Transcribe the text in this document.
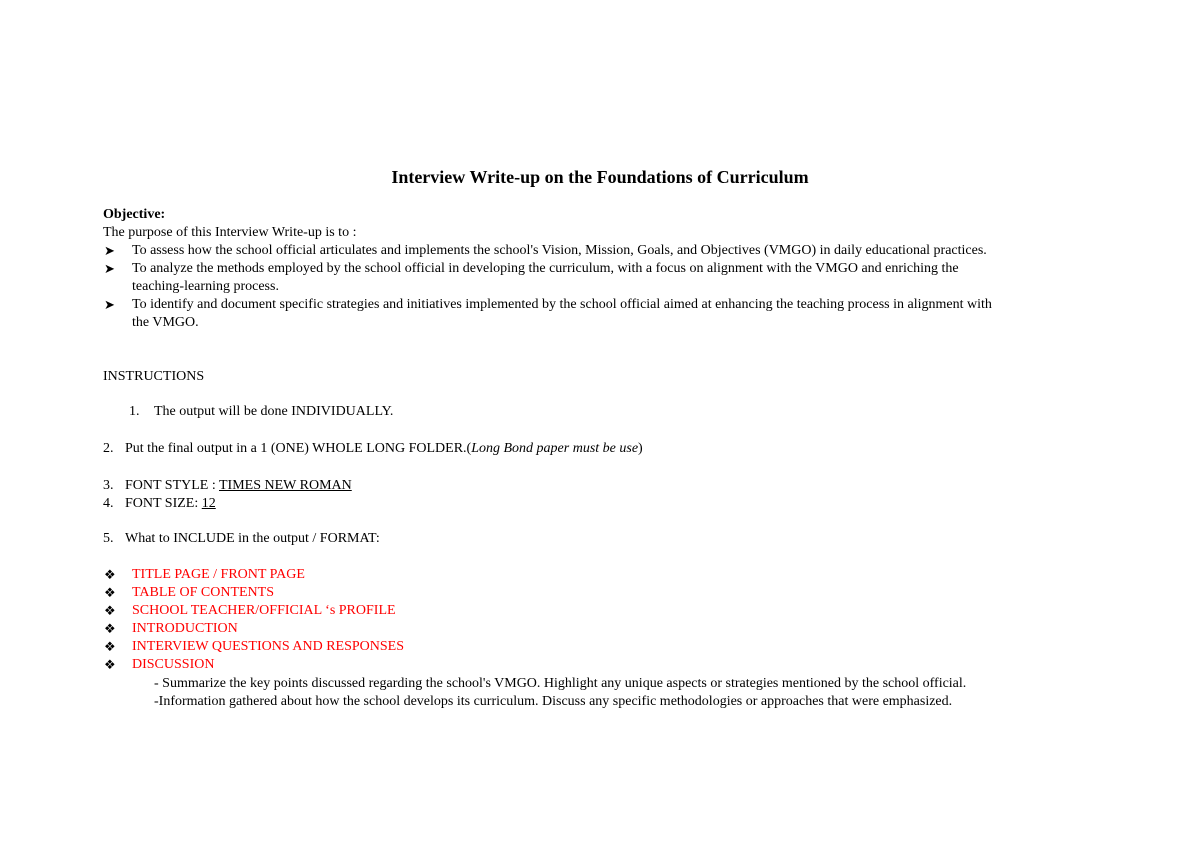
Interview Write-up on the Foundations of Curriculum

Objective:

The purpose of this Interview Write-up is to :

➤ To assess how the school official articulates and implements the school's Vision, Mission, Goals, and Objectives (VMGO) in daily educational practices.

➤ To analyze the methods employed by the school official in developing the curriculum, with a focus on alignment with the VMGO and enriching the

teaching-learning process.

➤ To identify and document specific strategies and initiatives implemented by the school official aimed at enhancing the teaching process in alignment with

the VMGO.

INSTRUCTIONS

1. The output will be done INDIVIDUALLY.

2. Put the final output in a 1 (ONE) WHOLE LONG FOLDER.(Long Bond paper must be use)

3. FONT STYLE : TIMES NEW ROMAN

4. FONT SIZE: 12

5. What to INCLUDE in the output / FORMAT:

❖ TITLE PAGE / FRONT PAGE

❖ TABLE OF CONTENTS

❖ SCHOOL TEACHER/OFFICIAL ‘s PROFILE

❖ INTRODUCTION

❖ INTERVIEW QUESTIONS AND RESPONSES

❖ DISCUSSION

- Summarize the key points discussed regarding the school's VMGO. Highlight any unique aspects or strategies mentioned by the school official.

-Information gathered about how the school develops its curriculum. Discuss any specific methodologies or approaches that were emphasized.
